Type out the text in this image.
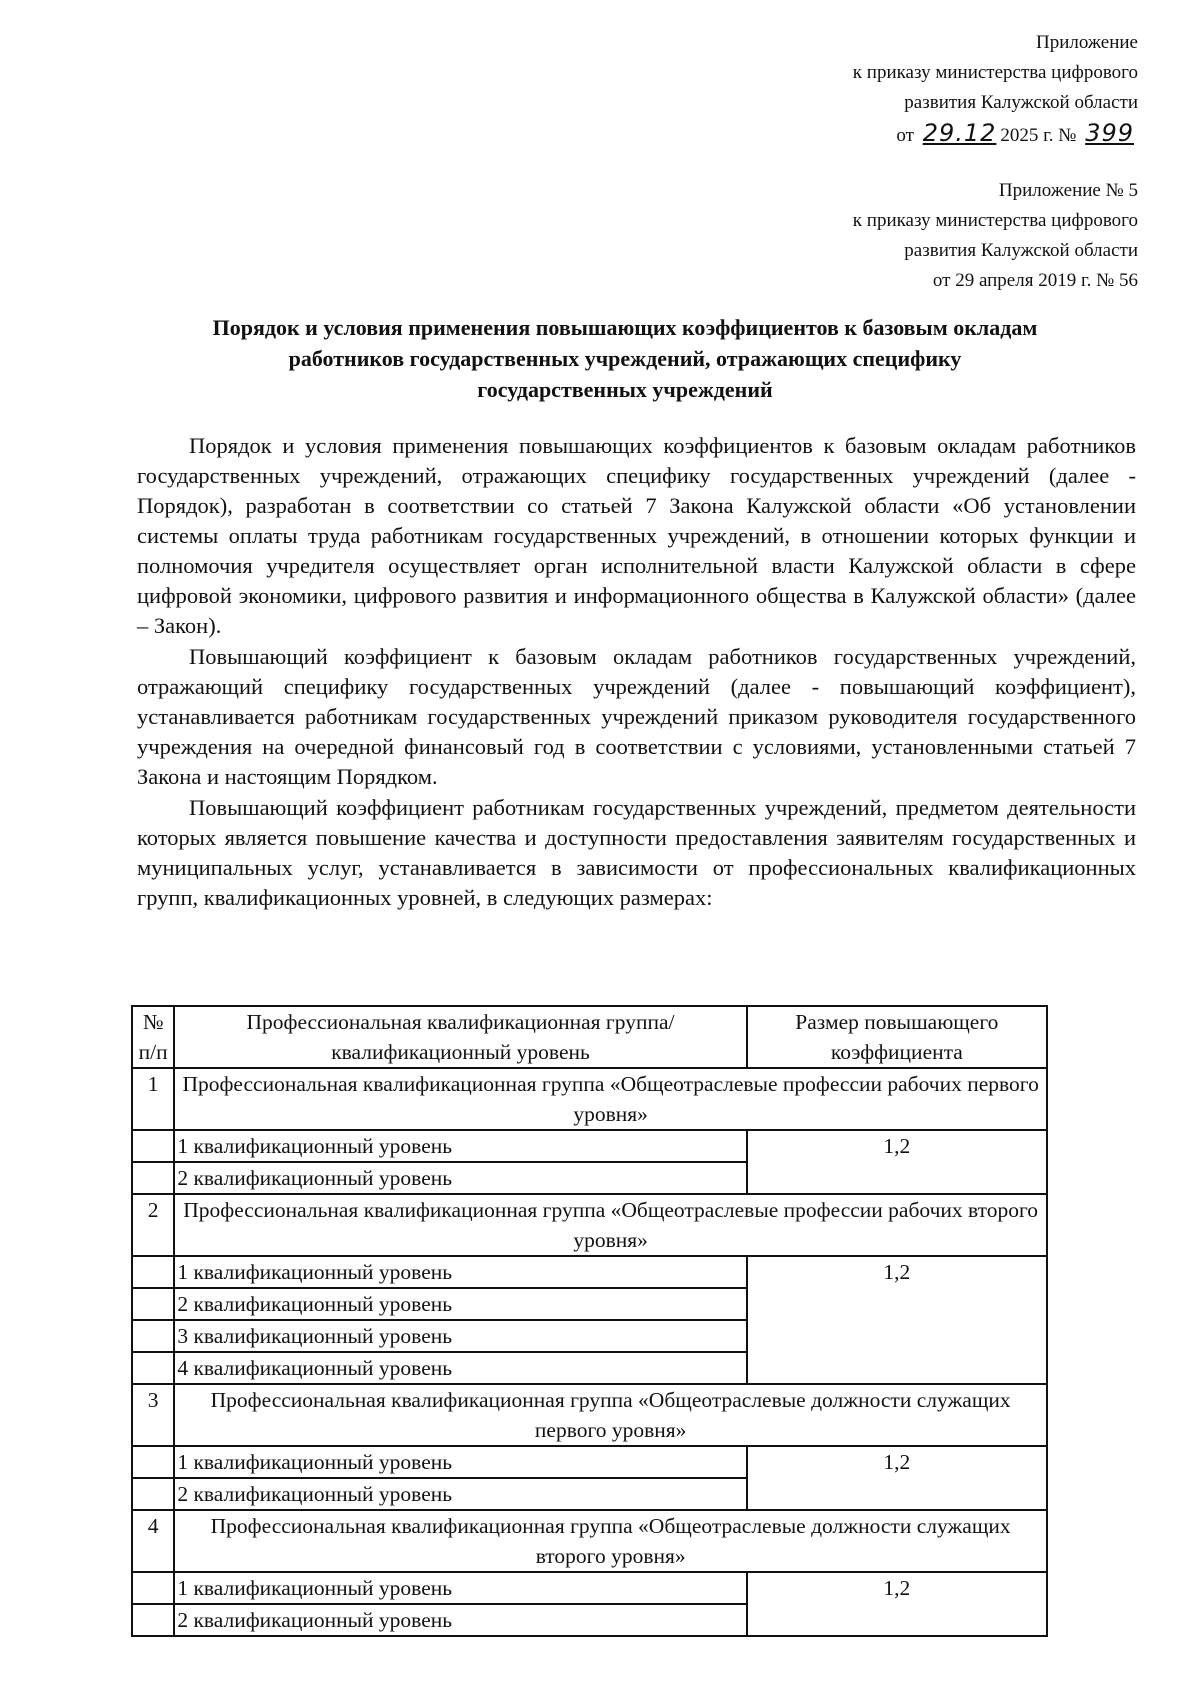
Приложение
к приказу министерства цифрового
развития Калужской области
от 29.12 2025 г. № 399
Приложение № 5
к приказу министерства цифрового
развития Калужской области
от 29 апреля 2019 г. № 56
Порядок и условия применения повышающих коэффициентов к базовым окладам
работников государственных учреждений, отражающих специфику
государственных учреждений

Порядок и условия применения повышающих коэффициентов к базовым окладам работников государственных учреждений, отражающих специфику государственных учреждений (далее - Порядок), разработан в соответствии со статьей 7 Закона Калужской области «Об установлении системы оплаты труда работникам государственных учреждений, в отношении которых функции и полномочия учредителя осуществляет орган исполнительной власти Калужской области в сфере цифровой экономики, цифрового развития и информационного общества в Калужской области» (далее – Закон).

Повышающий коэффициент к базовым окладам работников государственных учреждений, отражающий специфику государственных учреждений (далее - повышающий коэффициент), устанавливается работникам государственных учреждений приказом руководителя государственного учреждения на очередной финансовый год в соответствии с условиями, установленными статьей 7 Закона и настоящим Порядком.

Повышающий коэффициент работникам государственных учреждений, предметом деятельности которых является повышение качества и доступности предоставления заявителям государственных и муниципальных услуг, устанавливается в зависимости от профессиональных квалификационных групп, квалификационных уровней, в следующих размерах:

№ п/п	Профессиональная квалификационная группа/квалификационный уровень	Размер повышающего коэффициента
1	Профессиональная квалификационная группа «Общеотраслевые профессии рабочих первого уровня»	
	1 квалификационный уровень	1,2
	2 квалификационный уровень	
2	Профессиональная квалификационная группа «Общеотраслевые профессии рабочих второго уровня»	
	1 квалификационный уровень	1,2
	2 квалификационный уровень	
	3 квалификационный уровень	
	4 квалификационный уровень	
3	Профессиональная квалификационная группа «Общеотраслевые должности служащих первого уровня»	
	1 квалификационный уровень	1,2
	2 квалификационный уровень	
4	Профессиональная квалификационная группа «Общеотраслевые должности служащих второго уровня»	
	1 квалификационный уровень	1,2
	2 квалификационный уровень	
